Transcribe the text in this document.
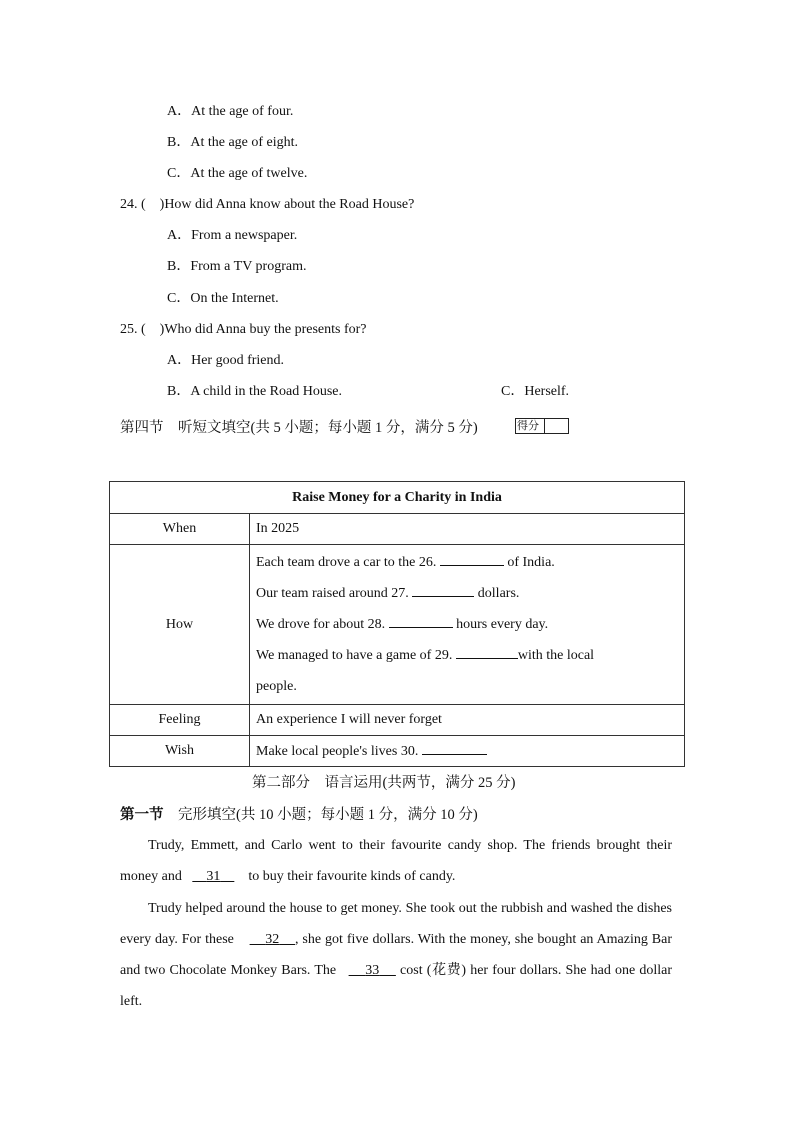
A．At the age of four.
B．At the age of eight.
C．At the age of twelve.
24. (　)How did Anna know about the Road House?
A．From a newspaper.
B．From a TV program.
C．On the Internet.
25. (　)Who did Anna buy the presents for?
A．Her good friend.
B．A child in the Road House.	C．Herself.
第四节　听短文填空(共 5 小题；每小题 1 分，满分 5 分)	得分
Raise Money for a Charity in India	
When	In 2025
How	Each team drove a car to the 26. of India.
Our team raised around 27. dollars.
We drove for about 28. hours every day.
We managed to have a game of 29. with the local
people.

Feeling	An experience I will never forget
Wish	Make local people's lives 30.
第二部分　语言运用(共两节，满分 25 分)
第一节　 完形填空(共 10 小题；每小题 1 分，满分 10 分)
Trudy, Emmett, and Carlo went to their favourite candy shop. The friends brought their money and 31 to buy their favourite kinds of candy.
Trudy helped around the house to get money. She took out the rubbish and washed the dishes every day. For these 32 , she got five dollars. With the money, she bought an Amazing Bar and two Chocolate Monkey Bars. The 33 cost (花费) her four dollars. She had one dollar left.
